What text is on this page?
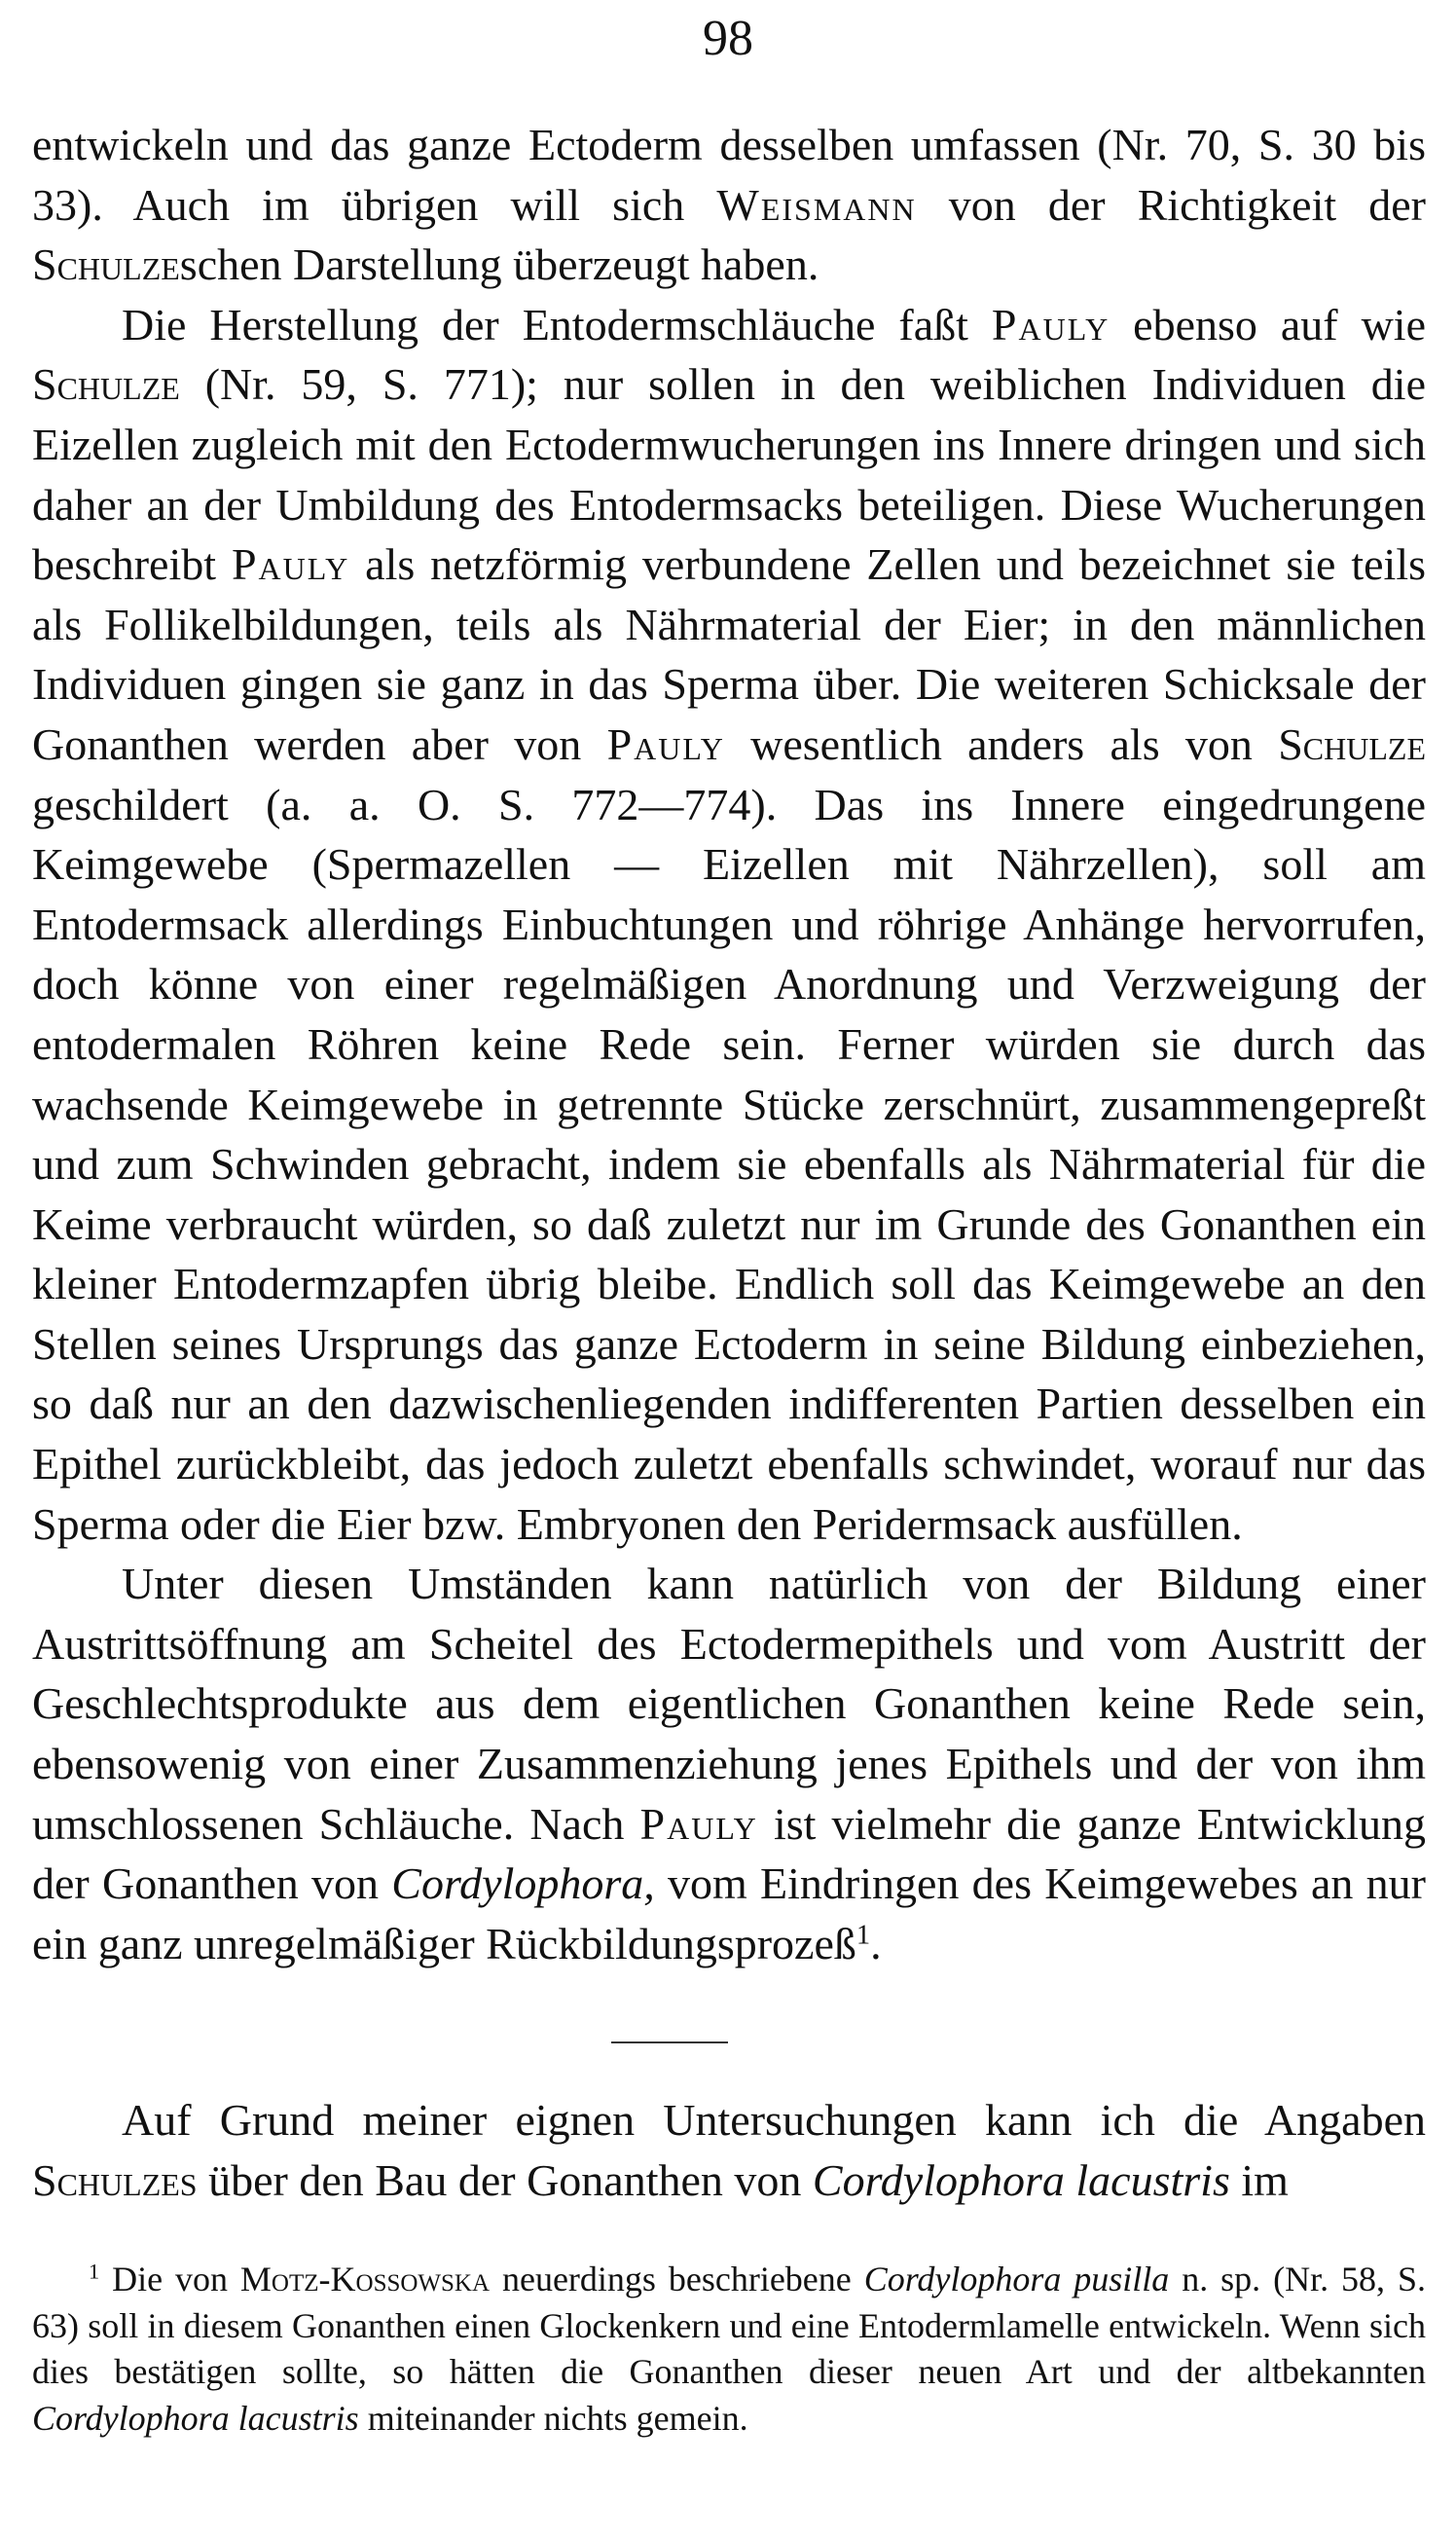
98

entwickeln und das ganze Ectoderm desselben umfassen (Nr. 70, S. 30 bis 33). Auch im übrigen will sich Weismann von der Richtigkeit der Schulzeschen Darstellung überzeugt haben.

Die Herstellung der Entodermschläuche faßt Pauly ebenso auf wie Schulze (Nr. 59, S. 771); nur sollen in den weiblichen Individuen die Eizellen zugleich mit den Ectodermwucherungen ins Innere dringen und sich daher an der Umbildung des Entodermsacks beteiligen. Diese Wucherungen beschreibt Pauly als netzförmig verbundene Zellen und bezeichnet sie teils als Follikelbildungen, teils als Nährmaterial der Eier; in den männlichen Individuen gingen sie ganz in das Sperma über. Die weiteren Schicksale der Gonanthen werden aber von Pauly wesentlich anders als von Schulze geschildert (a. a. O. S. 772—774). Das ins Innere eingedrungene Keimgewebe (Spermazellen — Eizellen mit Nährzellen), soll am Entodermsack allerdings Einbuchtungen und röhrige Anhänge hervorrufen, doch könne von einer regelmäßigen Anordnung und Verzweigung der entodermalen Röhren keine Rede sein. Ferner würden sie durch das wachsende Keimgewebe in getrennte Stücke zerschnürt, zusammengepreßt und zum Schwinden gebracht, indem sie ebenfalls als Nährmaterial für die Keime verbraucht würden, so daß zuletzt nur im Grunde des Gonanthen ein kleiner Entodermzapfen übrig bleibe. Endlich soll das Keimgewebe an den Stellen seines Ursprungs das ganze Ectoderm in seine Bildung einbeziehen, so daß nur an den dazwischenliegenden indifferenten Partien desselben ein Epithel zurückbleibt, das jedoch zuletzt ebenfalls schwindet, worauf nur das Sperma oder die Eier bzw. Embryonen den Peridermsack ausfüllen.

Unter diesen Umständen kann natürlich von der Bildung einer Austrittsöffnung am Scheitel des Ectodermepithels und vom Austritt der Geschlechtsprodukte aus dem eigentlichen Gonanthen keine Rede sein, ebensowenig von einer Zusammenziehung jenes Epithels und der von ihm umschlossenen Schläuche. Nach Pauly ist vielmehr die ganze Entwicklung der Gonanthen von Cordylophora, vom Eindringen des Keimgewebes an nur ein ganz unregelmäßiger Rückbildungsprozeß$^1$.

Auf Grund meiner eignen Untersuchungen kann ich die Angaben Schulzes über den Bau der Gonanthen von Cordylophora lacustris im

$^1$ Die von Motz-Kossowska neuerdings beschriebene Cordylophora pusilla n. sp. (Nr. 58, S. 63) soll in diesem Gonanthen einen Glockenkern und eine Entodermlamelle entwickeln. Wenn sich dies bestätigen sollte, so hätten die Gonanthen dieser neuen Art und der altbekannten Cordylophora lacustris miteinander nichts gemein.
